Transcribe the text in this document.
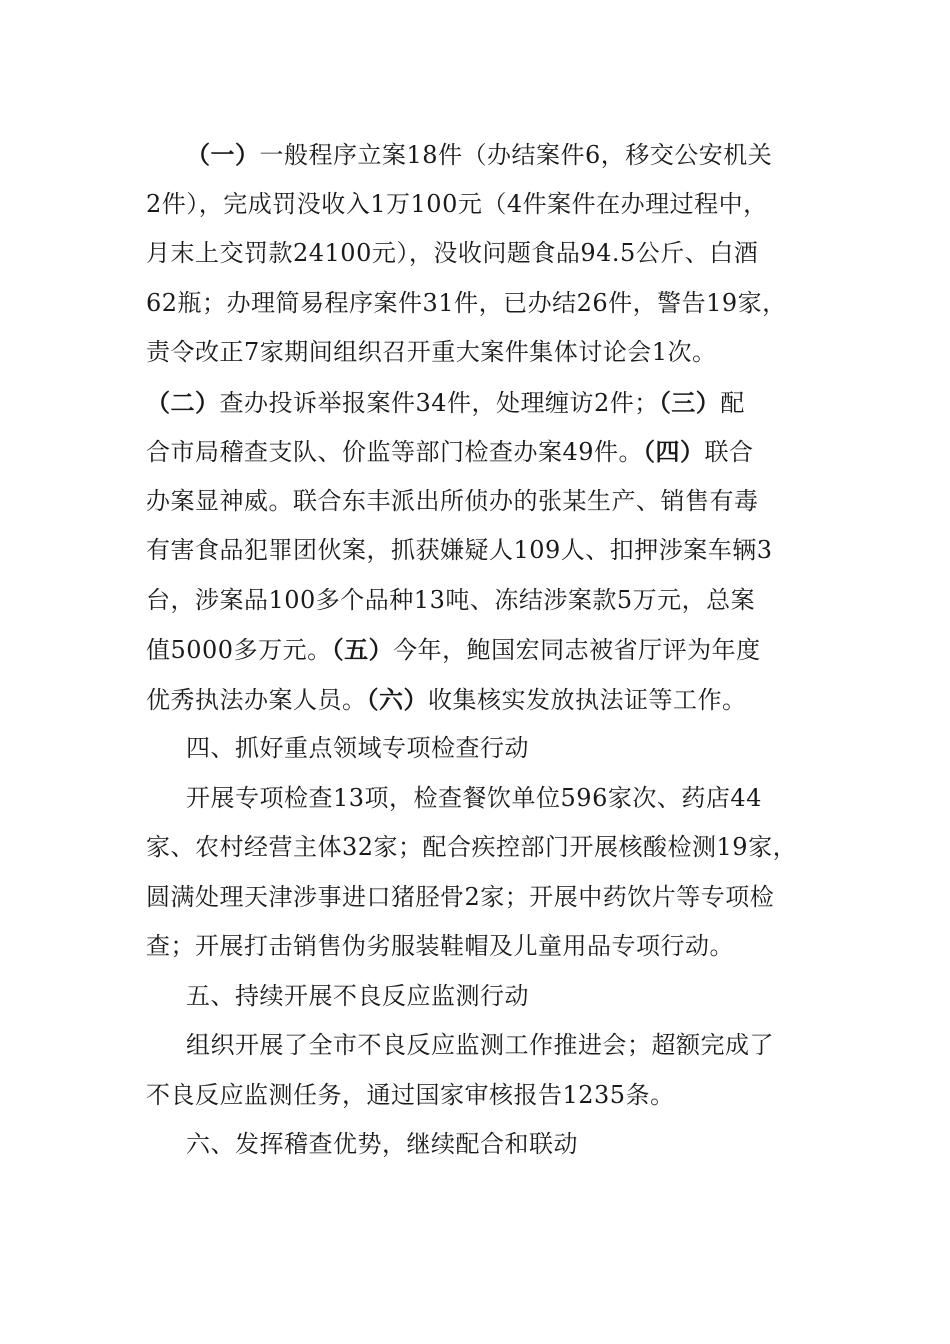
（一）一般程序立案18件（办结案件6，移交公安机关
2件），完成罚没收入1万100元（4件案件在办理过程中，
月末上交罚款24100元），没收问题食品94.5公斤、白酒
62瓶；办理简易程序案件31件，已办结26件，警告19家，
责令改正7家期间组织召开重大案件集体讨论会1次。
（二）查办投诉举报案件34件，处理缠访2件；（三）配
合市局稽查支队、价监等部门检查办案49件。（四）联合
办案显神威。联合东丰派出所侦办的张某生产、销售有毒
有害食品犯罪团伙案，抓获嫌疑人109人、扣押涉案车辆3
台，涉案品100多个品种13吨、冻结涉案款5万元，总案
值5000多万元。（五）今年，鲍国宏同志被省厅评为年度
优秀执法办案人员。（六）收集核实发放执法证等工作。
四、抓好重点领域专项检查行动
开展专项检查13项，检查餐饮单位596家次、药店44
家、农村经营主体32家；配合疾控部门开展核酸检测19家，
圆满处理天津涉事进口猪胫骨2家；开展中药饮片等专项检
查；开展打击销售伪劣服装鞋帽及儿童用品专项行动。
五、持续开展不良反应监测行动
组织开展了全市不良反应监测工作推进会；超额完成了
不良反应监测任务，通过国家审核报告1235条。
六、发挥稽查优势，继续配合和联动
